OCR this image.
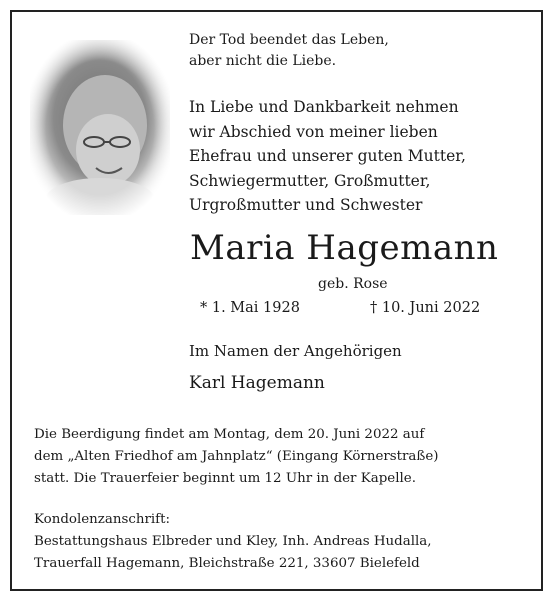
Der Tod beendet das Leben,
aber nicht die Liebe.
In Liebe und Dankbarkeit nehmen
wir Abschied von meiner lieben
Ehefrau und unserer guten Mutter,
Schwiegermutter, Großmutter,
Urgroßmutter und Schwester
Maria Hagemann
geb. Rose
* 1. Mai 1928	† 10. Juni 2022
Im Namen der Angehörigen
Karl Hagemann
Die Beerdigung findet am Montag, dem 20. Juni 2022 auf
dem „Alten Friedhof am Jahnplatz“ (Eingang Körnerstraße)
statt. Die Trauerfeier beginnt um 12 Uhr in der Kapelle.
Kondolenzanschrift:
Bestattungshaus Elbreder und Kley, Inh. Andreas Hudalla,
Trauerfall Hagemann, Bleichstraße 221, 33607 Bielefeld
